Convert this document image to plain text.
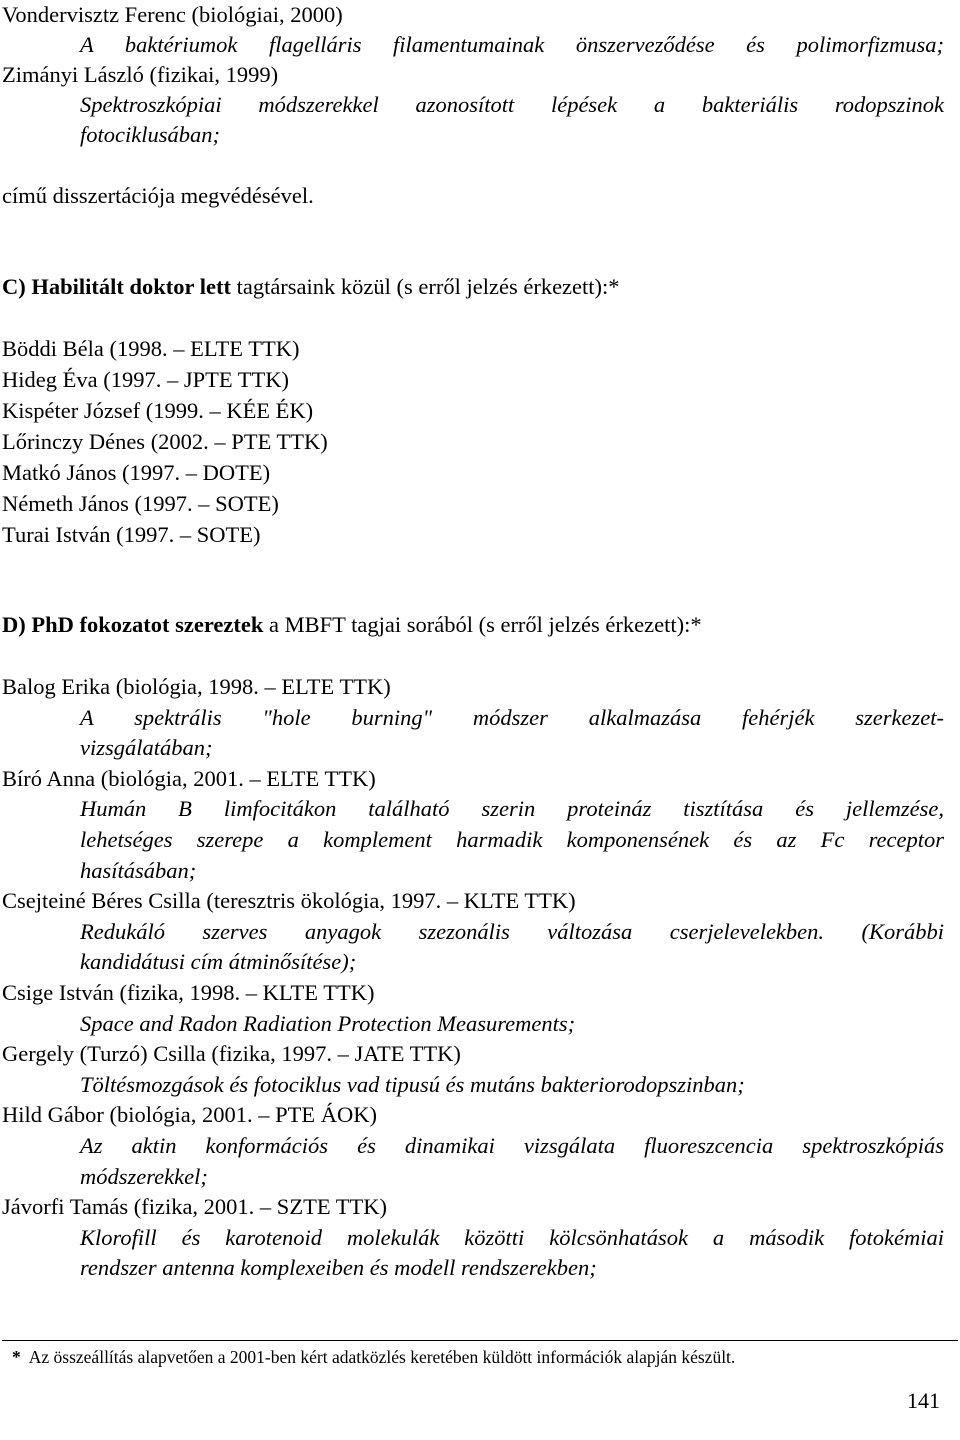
Vondervisztz Ferenc (biológiai, 2000)
A baktériumok flagelláris filamentumainak önszerveződése és polimorfizmusa;
Zimányi László (fizikai, 1999)
Spektroszkópiai módszerekkel azonosított lépések a bakteriális rodopszinok
fotociklusában;
című disszertációja megvédésével.
C) Habilitált doktor lett tagtársaink közül (s erről jelzés érkezett):*
Böddi Béla (1998. – ELTE TTK)
Hideg Éva (1997. – JPTE TTK)
Kispéter József (1999. – KÉE ÉK)
Lőrinczy Dénes (2002. – PTE TTK)
Matkó János (1997. – DOTE)
Németh János (1997. – SOTE)
Turai István (1997. – SOTE)
D) PhD fokozatot szereztek a MBFT tagjai sorából (s erről jelzés érkezett):*
Balog Erika (biológia, 1998. – ELTE TTK)
A spektrális "hole burning" módszer alkalmazása fehérjék szerkezet-
vizsgálatában;
Bíró Anna (biológia, 2001. – ELTE TTK)
Humán B limfocitákon található szerin proteináz tisztítása és jellemzése,
lehetséges szerepe a komplement harmadik komponensének és az Fc receptor
hasításában;
Csejteiné Béres Csilla (teresztris ökológia, 1997. – KLTE TTK)
Redukáló szerves anyagok szezonális változása cserjelevelekben. (Korábbi
kandidátusi cím átminősítése);
Csige István (fizika, 1998. – KLTE TTK)
Space and Radon Radiation Protection Measurements;
Gergely (Turzó) Csilla (fizika, 1997. – JATE TTK)
Töltésmozgások és fotociklus vad tipusú és mutáns bakteriorodopszinban;
Hild Gábor (biológia, 2001. – PTE ÁOK)
Az aktin konformációs és dinamikai vizsgálata fluoreszcencia spektroszkópiás
módszerekkel;
Jávorfi Tamás (fizika, 2001. – SZTE TTK)
Klorofill és karotenoid molekulák közötti kölcsönhatások a második fotokémiai
rendszer antenna komplexeiben és modell rendszerekben;
* Az összeállítás alapvetően a 2001-ben kért adatközlés keretében küldött információk alapján készült.
141
